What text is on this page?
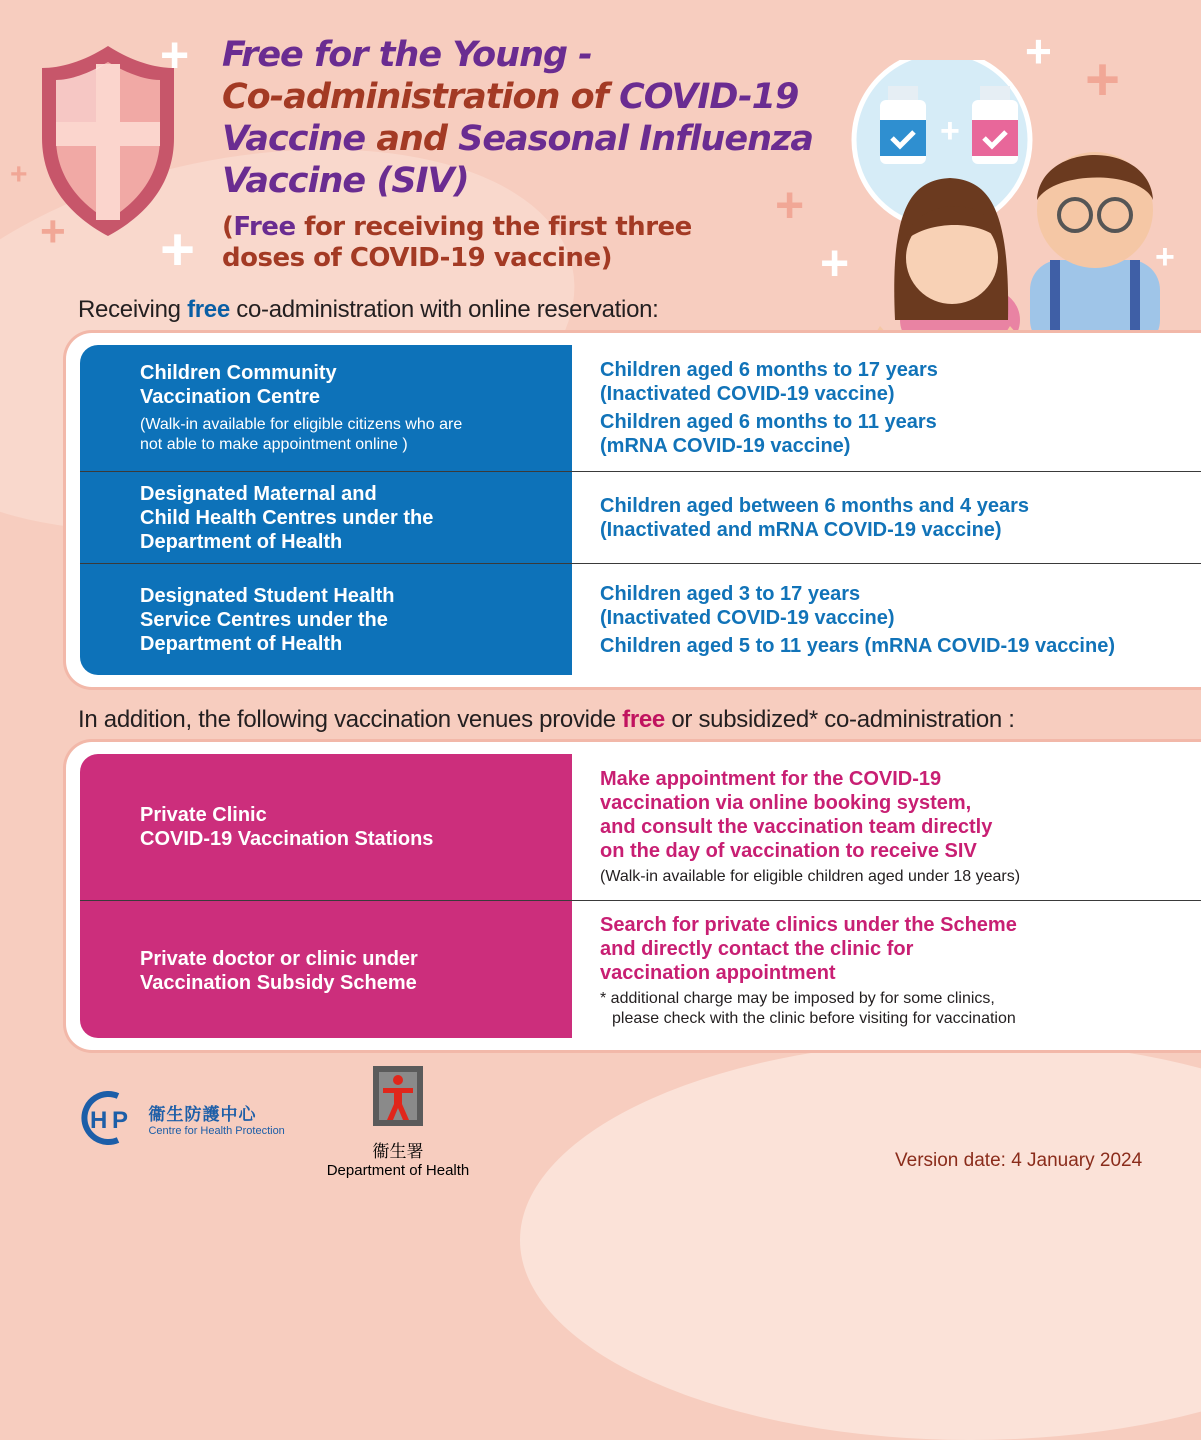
+
+
+
+
+ +
+
+	+
Free for the Young -
Co-administration of COVID-19
Vaccine and Seasonal Influenza
Vaccine (SIV)
(Free for receiving the first three
doses of COVID-19 vaccine)
+
Receiving free co-administration with online reservation:
Children Community
Vaccination Centre
(Walk-in available for eligible citizens who are
not able to make appointment online )
Children aged 6 months to 17 years
(Inactivated COVID-19 vaccine)
Children aged 6 months to 11 years
(mRNA COVID-19 vaccine)
Designated Maternal and
Child Health Centres under the
Department of Health
Children aged between 6 months and 4 years
(Inactivated and mRNA COVID-19 vaccine)
Designated Student Health
Service Centres under the
Department of Health
Children aged 3 to 17 years
(Inactivated COVID-19 vaccine)
Children aged 5 to 11 years (mRNA COVID-19 vaccine)
In addition, the following vaccination venues provide free or subsidized* co-administration :
Private Clinic
COVID-19 Vaccination Stations
Make appointment for the COVID-19
vaccination via online booking system,
and consult the vaccination team directly
on the day of vaccination to receive SIV
(Walk-in available for eligible children aged under 18 years)
Private doctor or clinic under
Vaccination Subsidy Scheme
Search for private clinics under the Scheme
and directly contact the clinic for
vaccination appointment
* additional charge may be imposed by for some clinics,
please check with the clinic before visiting for vaccination
H P
衞生防護中心
Centre for Health Protection
衞生署
Department of Health	Version date: 4 January 2024
